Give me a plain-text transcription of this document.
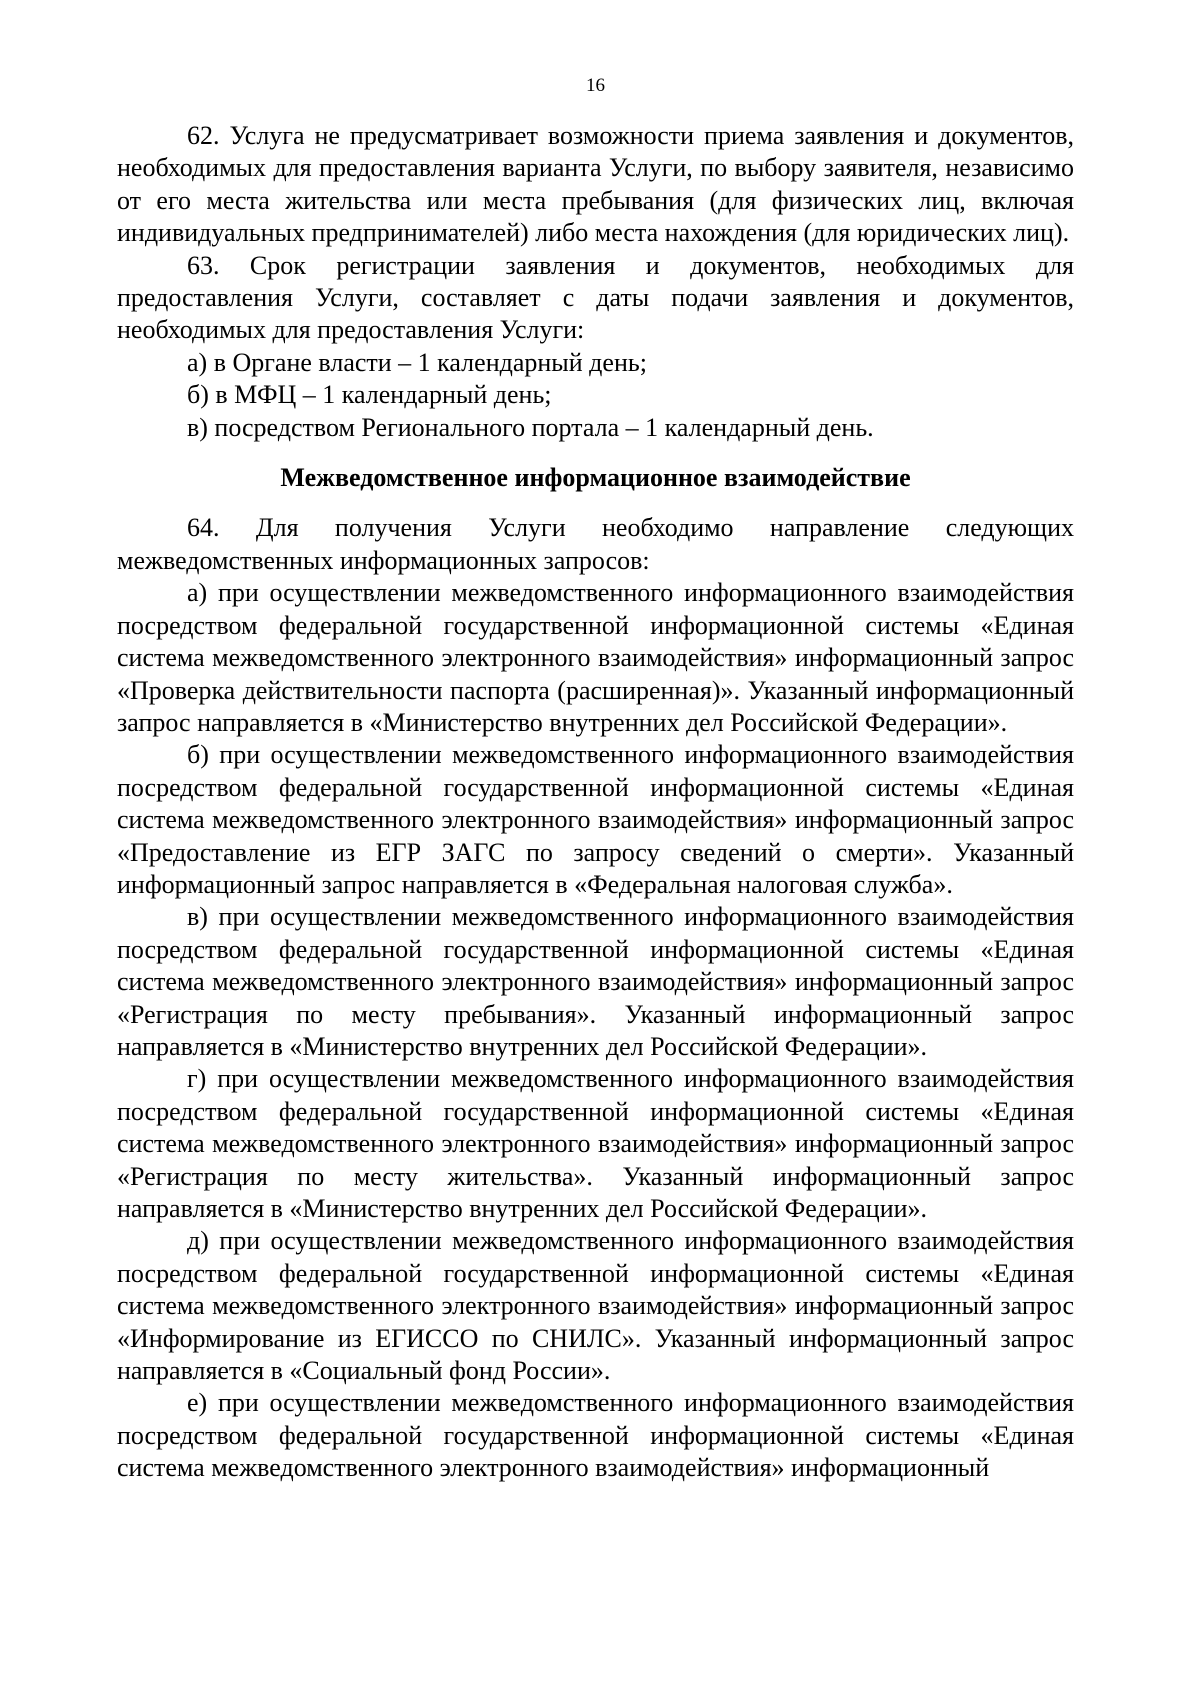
16

62. Услуга не предусматривает возможности приема заявления и документов, необходимых для предоставления варианта Услуги, по выбору заявителя, независимо от его места жительства или места пребывания (для физических лиц, включая индивидуальных предпринимателей) либо места нахождения (для юридических лиц).

63. Срок регистрации заявления и документов, необходимых для предоставления Услуги, составляет с даты подачи заявления и документов, необходимых для предоставления Услуги:

а) в Органе власти – 1 календарный день;

б) в МФЦ – 1 календарный день;

в) посредством Регионального портала – 1 календарный день.

Межведомственное информационное взаимодействие

64. Для получения Услуги необходимо направление следующих межведомственных информационных запросов:

а) при осуществлении межведомственного информационного взаимодействия посредством федеральной государственной информационной системы «Единая система межведомственного электронного взаимодействия» информационный запрос «Проверка действительности паспорта (расширенная)». Указанный информационный запрос направляется в «Министерство внутренних дел Российской Федерации».

б) при осуществлении межведомственного информационного взаимодействия посредством федеральной государственной информационной системы «Единая система межведомственного электронного взаимодействия» информационный запрос «Предоставление из ЕГР ЗАГС по запросу сведений о смерти». Указанный информационный запрос направляется в «Федеральная налоговая служба».

в) при осуществлении межведомственного информационного взаимодействия посредством федеральной государственной информационной системы «Единая система межведомственного электронного взаимодействия» информационный запрос «Регистрация по месту пребывания». Указанный информационный запрос направляется в «Министерство внутренних дел Российской Федерации».

г) при осуществлении межведомственного информационного взаимодействия посредством федеральной государственной информационной системы «Единая система межведомственного электронного взаимодействия» информационный запрос «Регистрация по месту жительства». Указанный информационный запрос направляется в «Министерство внутренних дел Российской Федерации».

д) при осуществлении межведомственного информационного взаимодействия посредством федеральной государственной информационной системы «Единая система межведомственного электронного взаимодействия» информационный запрос «Информирование из ЕГИССО по СНИЛС». Указанный информационный запрос направляется в «Социальный фонд России».

е) при осуществлении межведомственного информационного взаимодействия посредством федеральной государственной информационной системы «Единая система межведомственного электронного взаимодействия» информационный
